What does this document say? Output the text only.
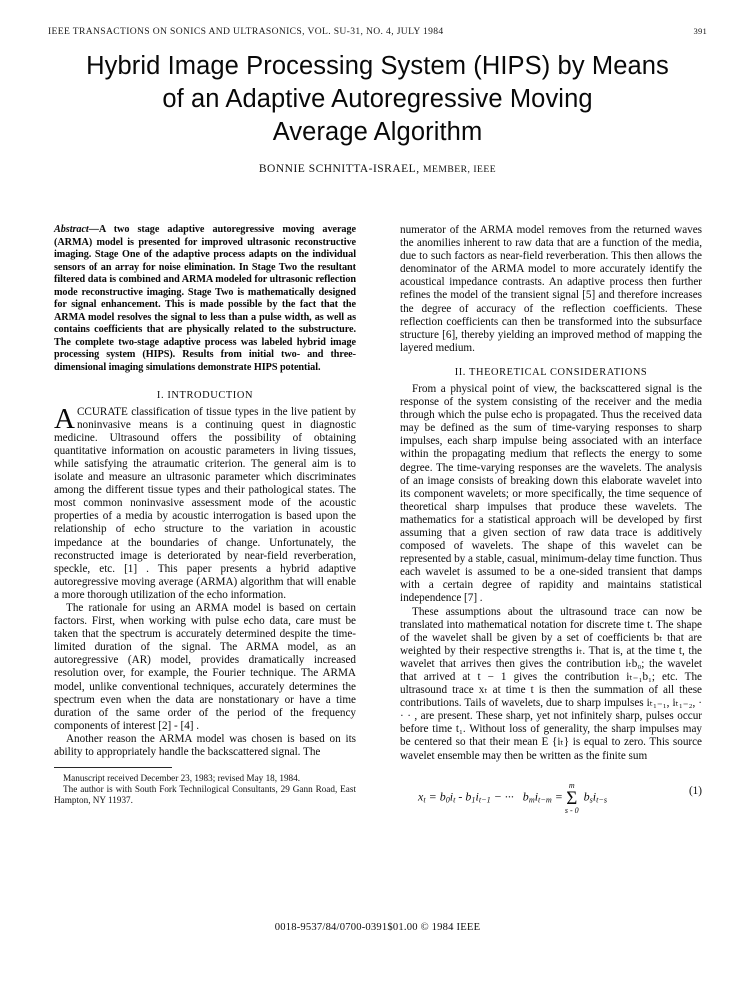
IEEE TRANSACTIONS ON SONICS AND ULTRASONICS, VOL. SU-31, NO. 4, JULY 1984	391
Hybrid Image Processing System (HIPS) by Means
of an Adaptive Autoregressive Moving
Average Algorithm
BONNIE SCHNITTA-ISRAEL, MEMBER, IEEE

Abstract—A two stage adaptive autoregressive moving average (ARMA) model is presented for improved ultrasonic reconstructive imaging. Stage One of the adaptive process adapts on the individual sensors of an array for noise elimination. In Stage Two the resultant filtered data is combined and ARMA modeled for ultrasonic reflection mode reconstructive imaging. Stage Two is mathematically designed for signal enhancement. This is made possible by the fact that the ARMA model resolves the signal to less than a pulse width, as well as contains coefficients that are physically related to the substructure. The complete two-stage adaptive process was labeled hybrid image processing system (HIPS). Results from initial two- and three-dimensional imaging simulations demonstrate HIPS potential.

I. INTRODUCTION

ACCURATE classification of tissue types in the live patient by noninvasive means is a continuing quest in diagnostic medicine. Ultrasound offers the possibility of obtaining quantitative information on acoustic parameters in living tissues, while satisfying the atraumatic criterion. The general aim is to isolate and measure an ultrasonic parameter which discriminates among the different tissue types and their pathological states. The most common noninvasive assessment mode of the acoustic properties of a media by acoustic interrogation is based upon the relationship of echo structure to the variation in acoustic impedance at the boundaries of change. Unfortunately, the reconstructed image is deteriorated by near-field reverberation, speckle, etc. [1] . This paper presents a hybrid adaptive autoregressive moving average (ARMA) algorithm that will enable a more thorough utilization of the echo information.

The rationale for using an ARMA model is based on certain factors. First, when working with pulse echo data, care must be taken that the spectrum is accurately determined despite the time-limited duration of the signal. The ARMA model, as an autoregressive (AR) model, provides dramatically increased resolution over, for example, the Fourier technique. The ARMA model, unlike conventional techniques, accurately determines the spectrum even when the data are nonstationary or have a time duration of the same order of the period of the frequency components of interest [2] - [4] .

Another reason the ARMA model was chosen is based on its ability to appropriately handle the backscattered signal. The

Manuscript received December 23, 1983; revised May 18, 1984.

The author is with South Fork Technilogical Consultants, 29 Gann Road, East Hampton, NY 11937.

numerator of the ARMA model removes from the returned waves the anomilies inherent to raw data that are a function of the media, due to such factors as near-field reverberation. This then allows the denominator of the ARMA model to more accurately identify the acoustical impedance contrasts. An adaptive process then further refines the model of the transient signal [5] and therefore increases the degree of accuracy of the reflection coefficients. These reflection coefficients can then be transformed into the subsurface structure [6], thereby yielding an improved method of mapping the layered medium.

II. THEORETICAL CONSIDERATIONS

From a physical point of view, the backscattered signal is the response of the system consisting of the receiver and the media through which the pulse echo is propagated. Thus the received data may be defined as the sum of time-varying responses to sharp impulses, each sharp impulse being associated with an interface within the propagating medium that reflects the energy to some degree. The time-varying responses are the wavelets. The analysis of an image consists of breaking down this elaborate wavelet into its component wavelets; or more specifically, the time sequence of theoretical sharp impulses that produce these wavelets. The mathematics for a statistical approach will be developed by first assuming that a given section of raw data trace is additively composed of wavelets. The shape of this wavelet can be represented by a stable, casual, minimum-delay time function. Thus each wavelet is assumed to be a one-sided transient that damps with a certain degree of rapidity and maintains statistical independence [7] .

These assumptions about the ultrasound trace can now be translated into mathematical notation for discrete time t. The shape of the wavelet shall be given by a set of coefficients bₜ that are weighted by their respective strengths iₜ. That is, at the time t, the wavelet that arrives then gives the contribution iₜb₀; the wavelet that arrived at t − 1 gives the contribution iₜ₋₁b₁; etc. The ultrasound trace xₜ at time t is then the summation of all these contributions. Tails of wavelets, due to sharp impulses iₜ₁₋₁, iₜ₁₋₂, · · · , are present. These sharp, yet not infinitely sharp, pulses occur before time t₁. Without loss of generality, the sharp impulses may be centered so that their mean E {iₜ} is equal to zero. This source wavelet ensemble may then be written as the finite sum

$x_t = b_0i_t - b_1i_{t-1}$ − ···   $b_mi_{t-m}$ =
m
Σ
s - 0
$b_si_{t-s}$
(1)
0018-9537/84/0700-0391$01.00 © 1984 IEEE
